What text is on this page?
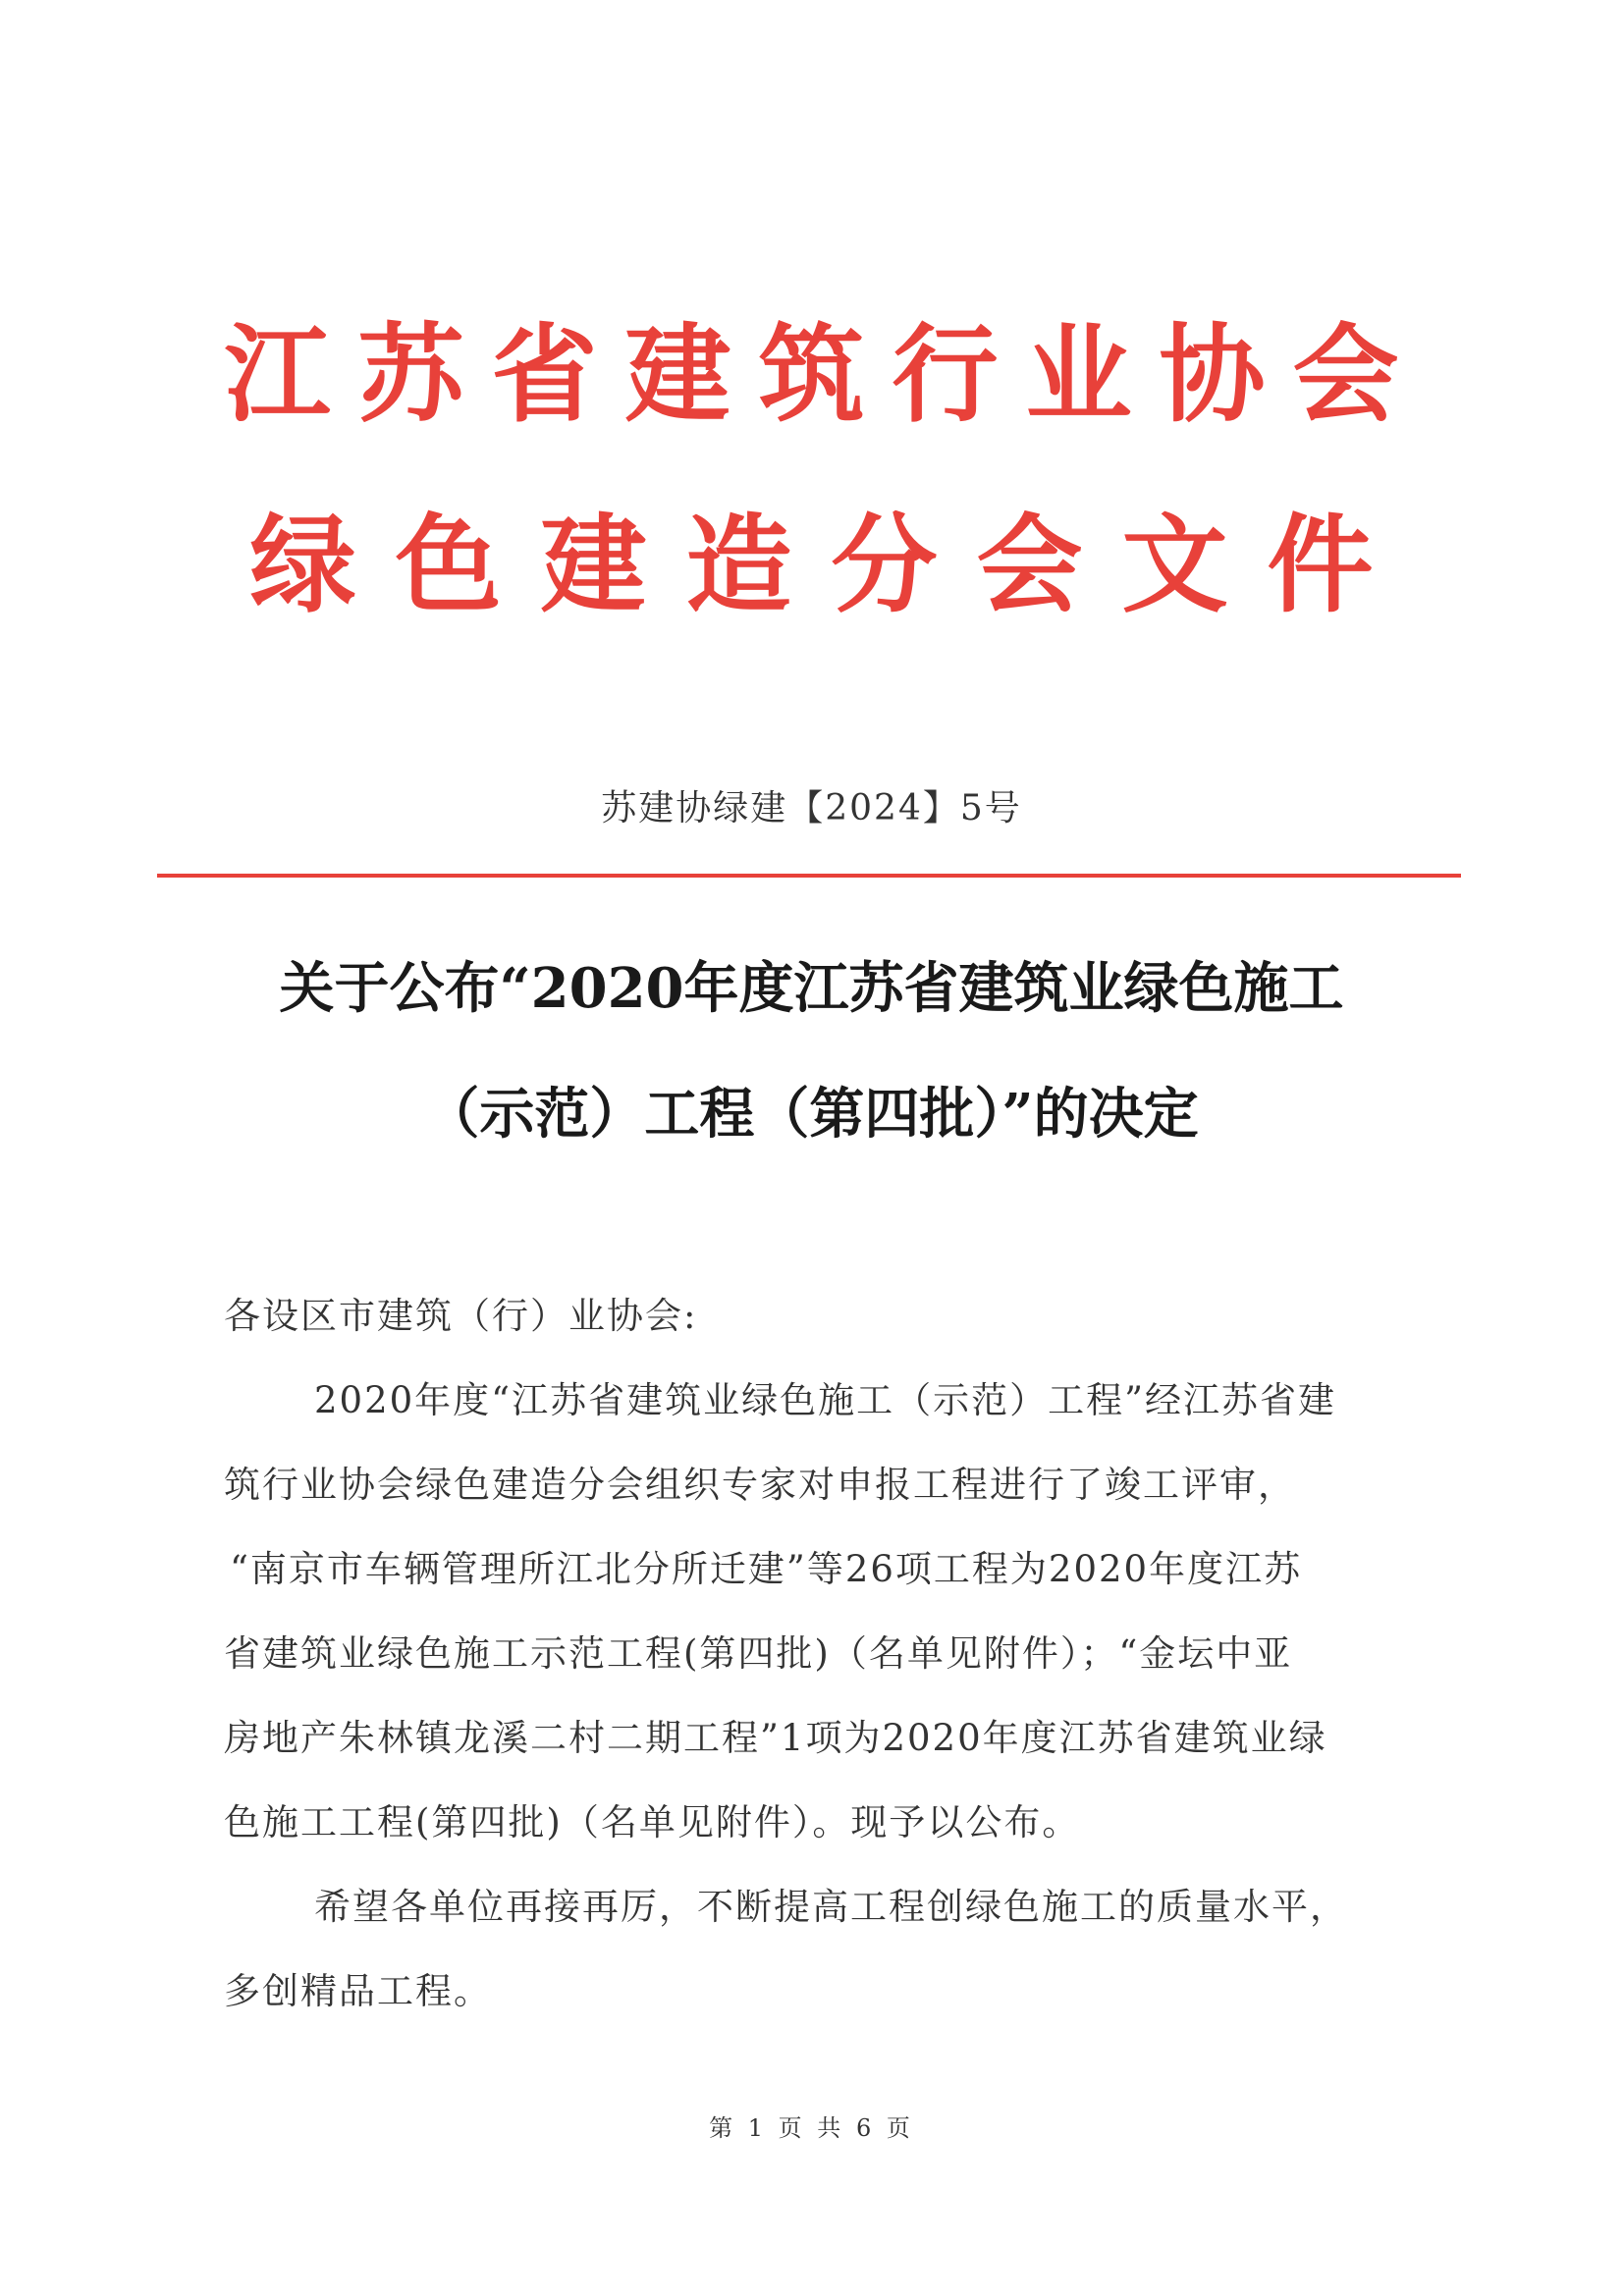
江苏省建筑行业协会
绿色建造分会文件
苏建协绿建【2024】5号
关于公布“2020年度江苏省建筑业绿色施工
（示范）工程（第四批）”的决定
各设区市建筑（行）业协会:
2020年度“江苏省建筑业绿色施工（示范）工程”经江苏省建
筑行业协会绿色建造分会组织专家对申报工程进行了竣工评审，
“南京市车辆管理所江北分所迁建”等26项工程为2020年度江苏
省建筑业绿色施工示范工程(第四批)（名单见附件）；“金坛中亚
房地产朱林镇龙溪二村二期工程”1项为2020年度江苏省建筑业绿
色施工工程(第四批)（名单见附件）。现予以公布。
希望各单位再接再厉，不断提高工程创绿色施工的质量水平，
多创精品工程。
第 1 页 共 6 页
